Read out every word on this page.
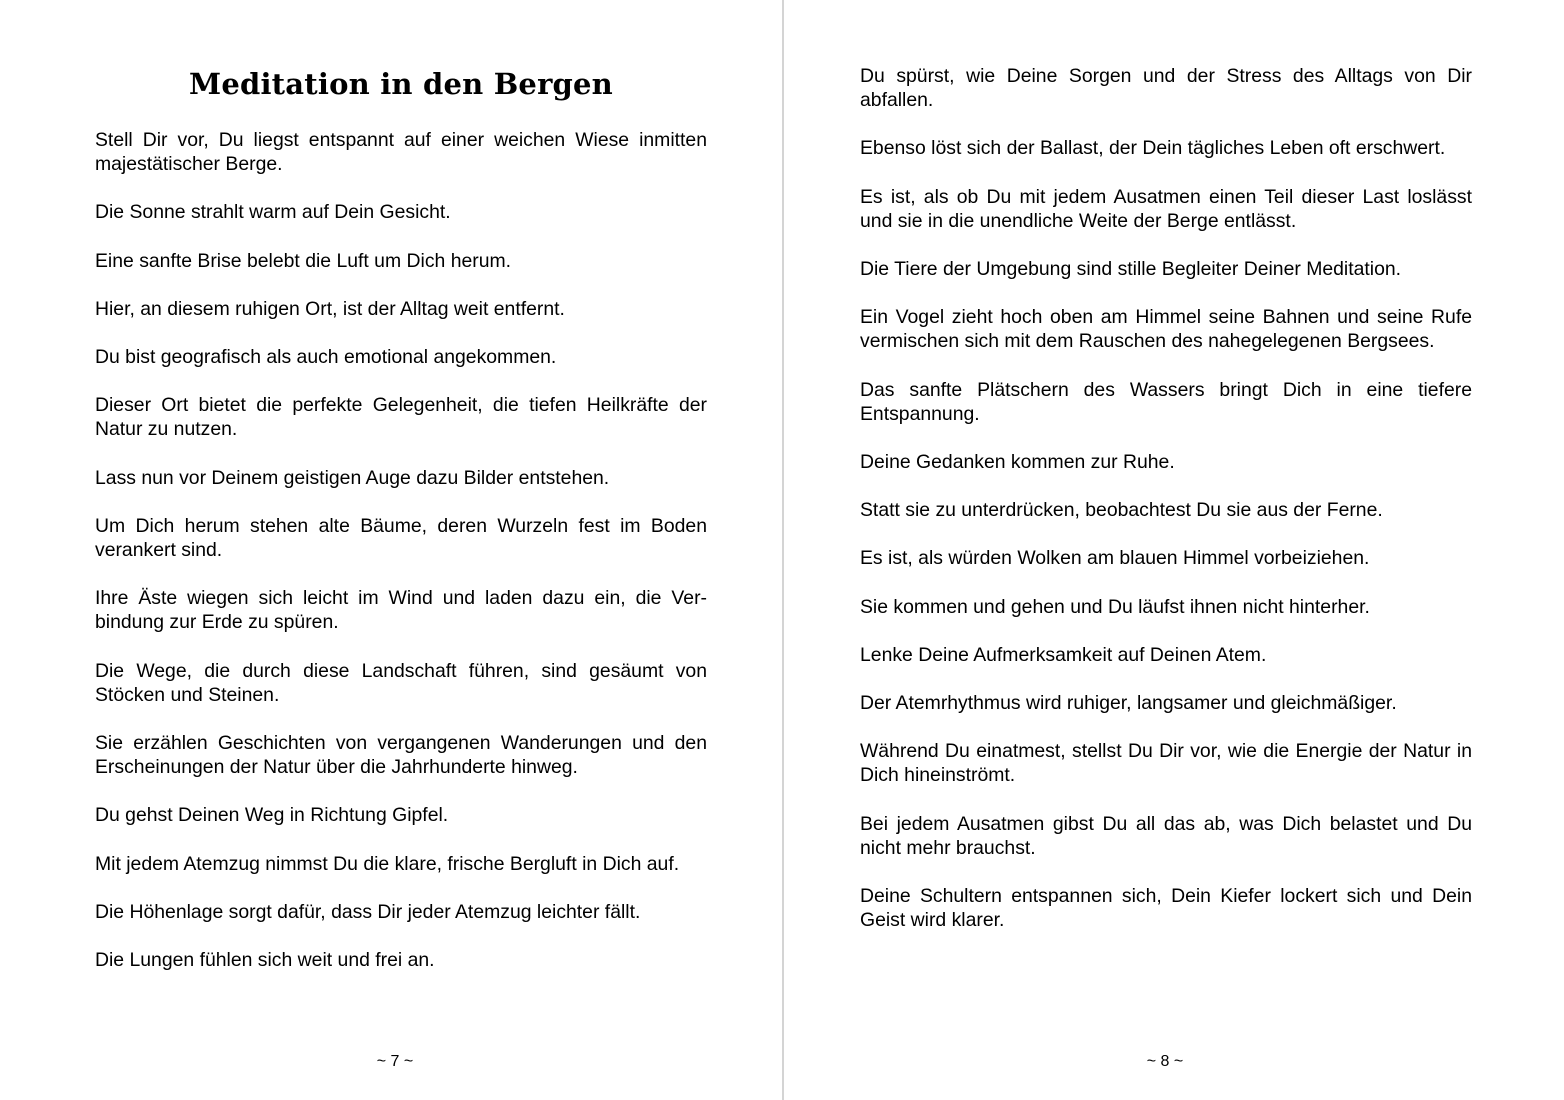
Meditation in den Bergen

Stell Dir vor, Du liegst entspannt auf einer weichen Wiese inmitten majestätischer Berge.

Die Sonne strahlt warm auf Dein Gesicht.

Eine sanfte Brise belebt die Luft um Dich herum.

Hier, an diesem ruhigen Ort, ist der Alltag weit entfernt.

Du bist geografisch als auch emotional angekommen.

Dieser Ort bietet die perfekte Gelegenheit, die tiefen Heilkräfte der Natur zu nutzen.

Lass nun vor Deinem geistigen Auge dazu Bilder entstehen.

Um Dich herum stehen alte Bäume, deren Wurzeln fest im Boden verankert sind.

Ihre Äste wiegen sich leicht im Wind und laden dazu ein, die Verbindung zur Erde zu spüren.

Die Wege, die durch diese Landschaft führen, sind gesäumt von Stöcken und Steinen.

Sie erzählen Geschichten von vergangenen Wanderungen und den Erscheinungen der Natur über die Jahrhunderte hinweg.

Du gehst Deinen Weg in Richtung Gipfel.

Mit jedem Atemzug nimmst Du die klare, frische Bergluft in Dich auf.

Die Höhenlage sorgt dafür, dass Dir jeder Atemzug leichter fällt.

Die Lungen fühlen sich weit und frei an.

~ 7 ~

Du spürst, wie Deine Sorgen und der Stress des Alltags von Dir abfallen.

Ebenso löst sich der Ballast, der Dein tägliches Leben oft erschwert.

Es ist, als ob Du mit jedem Ausatmen einen Teil dieser Last loslässt und sie in die unendliche Weite der Berge entlässt.

Die Tiere der Umgebung sind stille Begleiter Deiner Meditation.

Ein Vogel zieht hoch oben am Himmel seine Bahnen und seine Rufe vermischen sich mit dem Rauschen des nahegelegenen Bergsees.

Das sanfte Plätschern des Wassers bringt Dich in eine tiefere Entspannung.

Deine Gedanken kommen zur Ruhe.

Statt sie zu unterdrücken, beobachtest Du sie aus der Ferne.

Es ist, als würden Wolken am blauen Himmel vorbeiziehen.

Sie kommen und gehen und Du läufst ihnen nicht hinterher.

Lenke Deine Aufmerksamkeit auf Deinen Atem.

Der Atemrhythmus wird ruhiger, langsamer und gleichmäßiger.

Während Du einatmest, stellst Du Dir vor, wie die Energie der Natur in Dich hineinströmt.

Bei jedem Ausatmen gibst Du all das ab, was Dich belastet und Du nicht mehr brauchst.

Deine Schultern entspannen sich, Dein Kiefer lockert sich und Dein Geist wird klarer.

~ 8 ~
